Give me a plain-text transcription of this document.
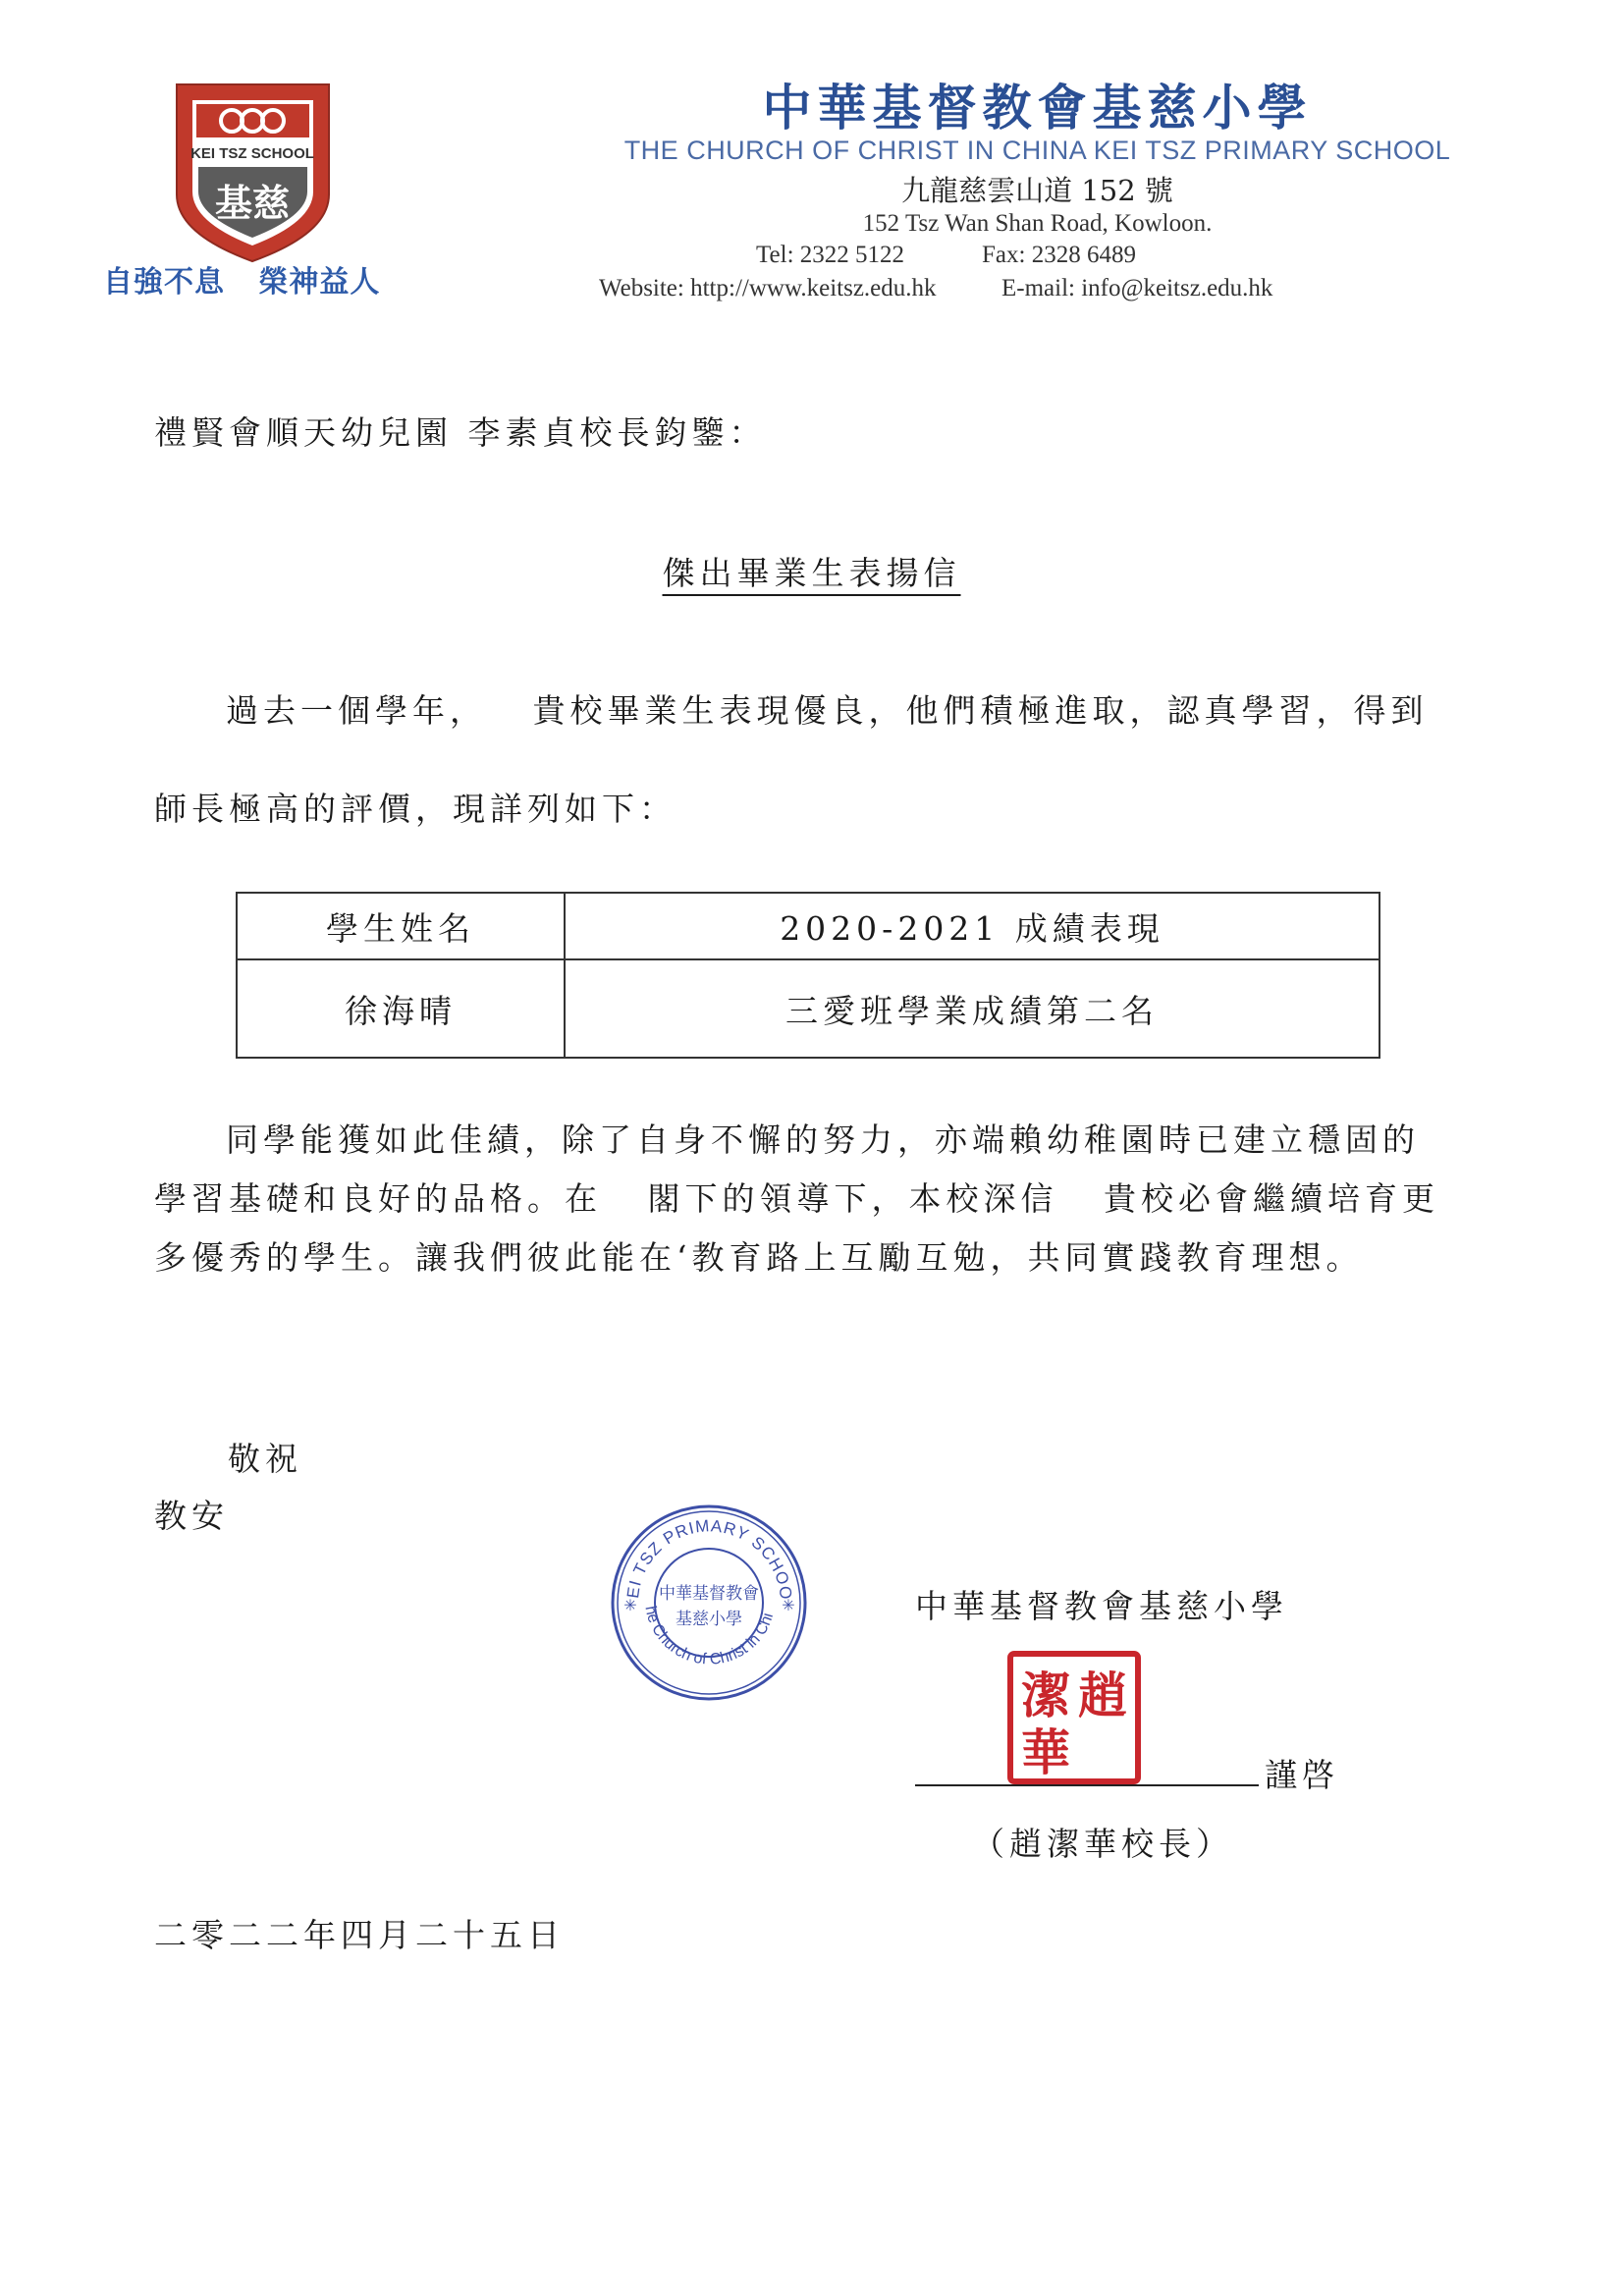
KEI TSZ SCHOOL
基慈
自強不息   榮神益人
中華基督教會基慈小學
THE CHURCH OF CHRIST IN CHINA KEI TSZ PRIMARY SCHOOL
九龍慈雲山道 152 號
152 Tsz Wan Shan Road, Kowloon.
Tel: 2322 5122	Fax: 2328 6489
Website: http://www.keitsz.edu.hk	E-mail: info@keitsz.edu.hk
禮賢會順天幼兒園 李素貞校長鈞鑒：
傑出畢業生表揚信
過去一個學年，   貴校畢業生表現優良，他們積極進取，認真學習，得到
師長極高的評價，現詳列如下：
學生姓名	2020-2021 成績表現
徐海晴	三愛班學業成績第二名
同學能獲如此佳績，除了自身不懈的努力，亦端賴幼稚園時已建立穩固的
學習基礎和良好的品格。在   閣下的領導下，本校深信   貴校必會繼續培育更
多優秀的學生。讓我們彼此能在‘教育路上互勵互勉，共同實踐教育理想。
敬祝
教安
EI TSZ PRIMARY SCHOO
he Church of Christ in Chi
中華基督教會
基慈小學
✳	✳	中華基督教會基慈小學
趙
潔
華	謹啓
（趙潔華校長）
二零二二年四月二十五日
